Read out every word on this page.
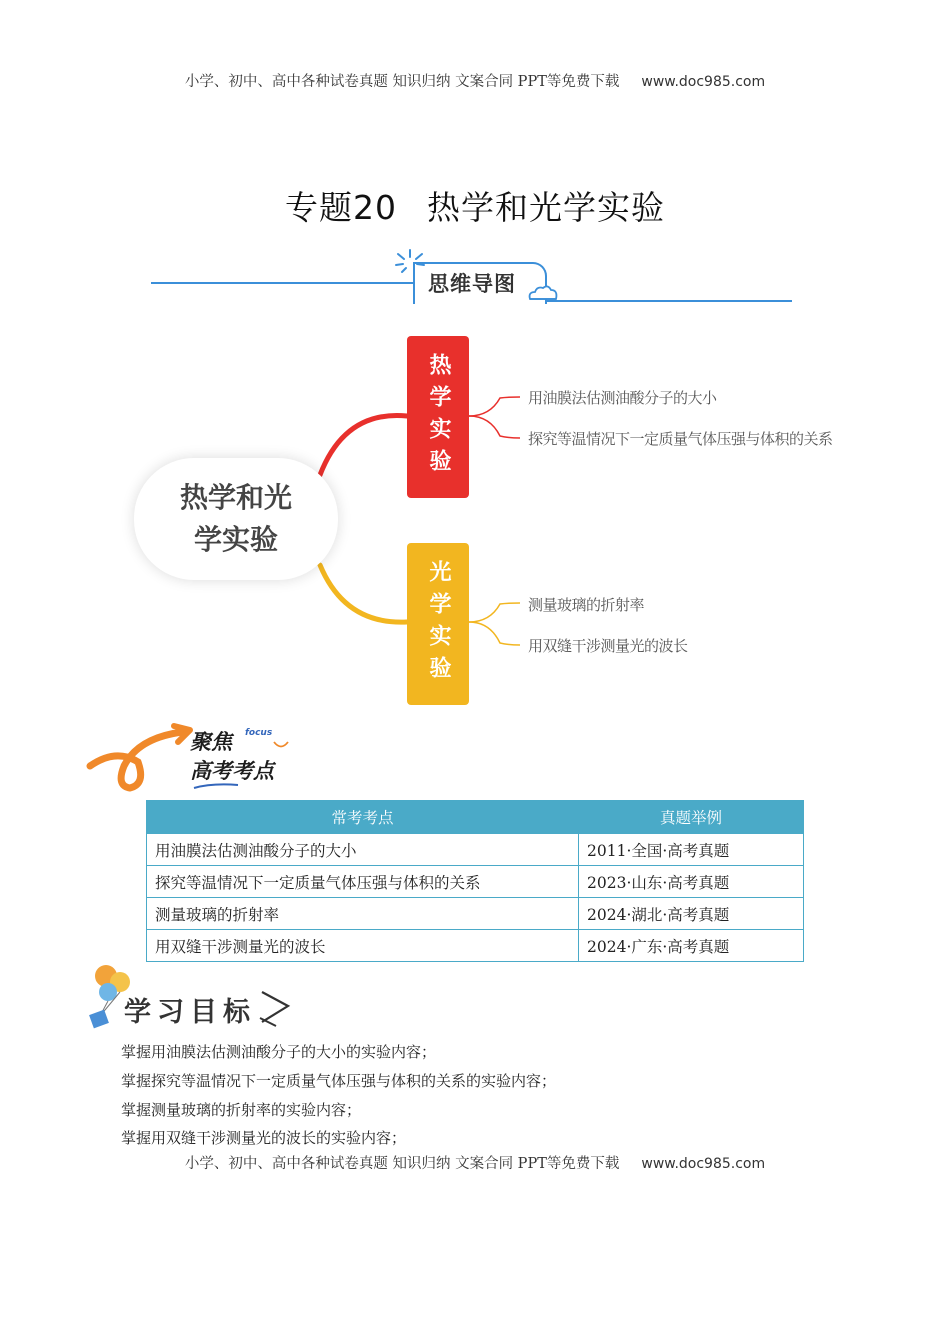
小学、初中、高中各种试卷真题 知识归纳 文案合同 PPT等免费下载 www.doc985.com
专题20 热学和光学实验
思维导图
热学和光学实验
热学实验
光学实验
用油膜法估测油酸分子的大小
探究等温情况下一定质量气体压强与体积的关系
测量玻璃的折射率
用双缝干涉测量光的波长
聚焦 focus
高考考点
常考考点	真题举例
用油膜法估测油酸分子的大小	2011·全国·高考真题
探究等温情况下一定质量气体压强与体积的关系	2023·山东·高考真题
测量玻璃的折射率	2024·湖北·高考真题
用双缝干涉测量光的波长	2024·广东·高考真题
学习目标
掌握用油膜法估测油酸分子的大小的实验内容；
掌握探究等温情况下一定质量气体压强与体积的关系的实验内容；
掌握测量玻璃的折射率的实验内容；
掌握用双缝干涉测量光的波长的实验内容；
小学、初中、高中各种试卷真题 知识归纳 文案合同 PPT等免费下载 www.doc985.com
